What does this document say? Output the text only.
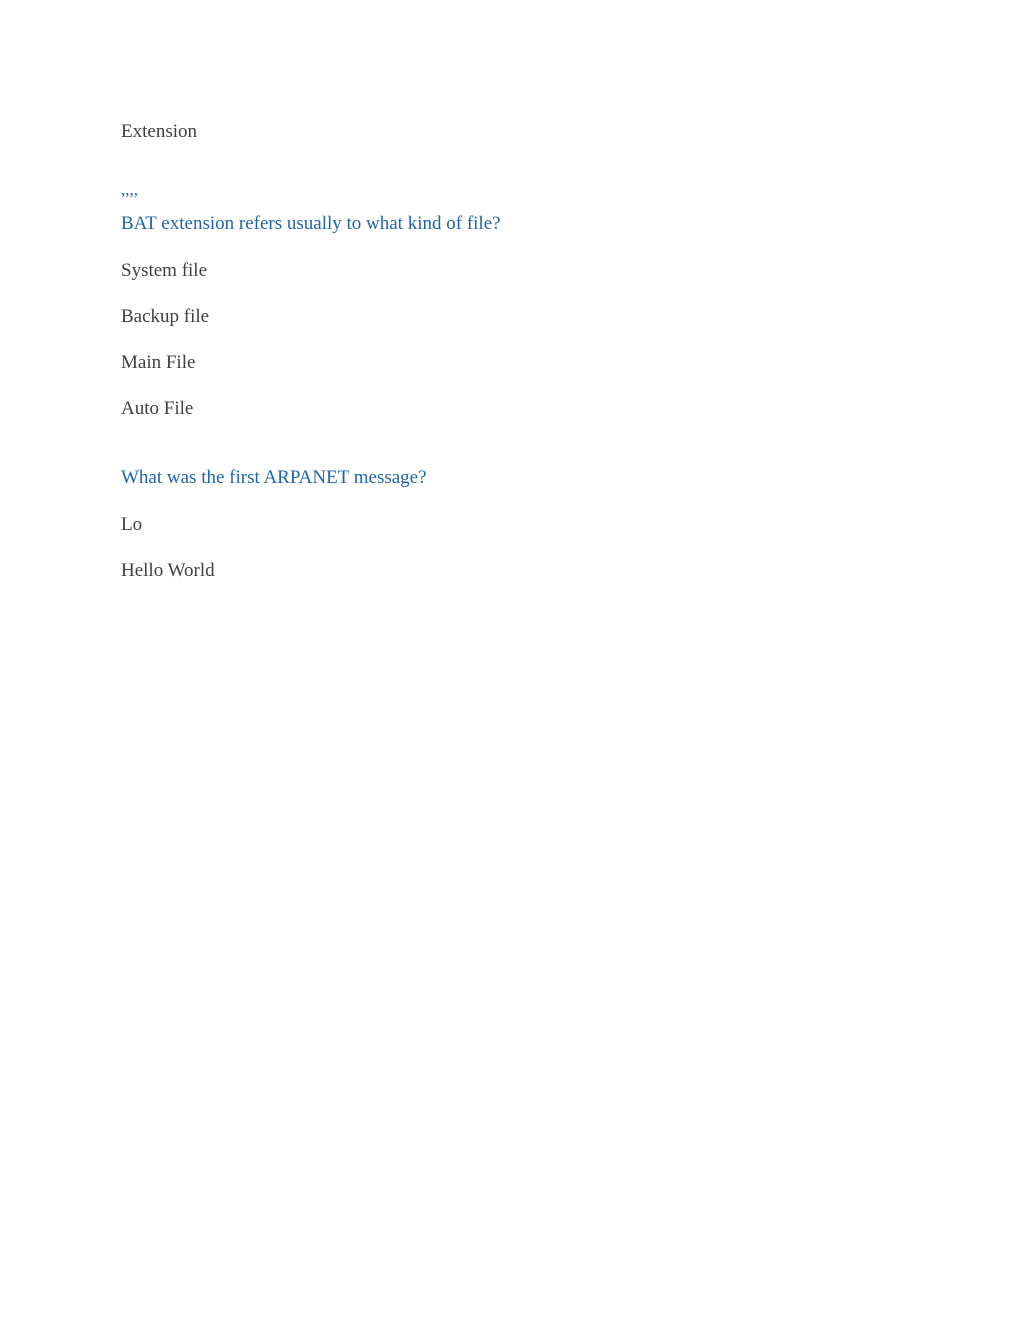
Extension
,,,,
BAT extension refers usually to what kind of file?
System file
Backup file
Main File
Auto File
What was the first ARPANET message?
Lo
Hello World
